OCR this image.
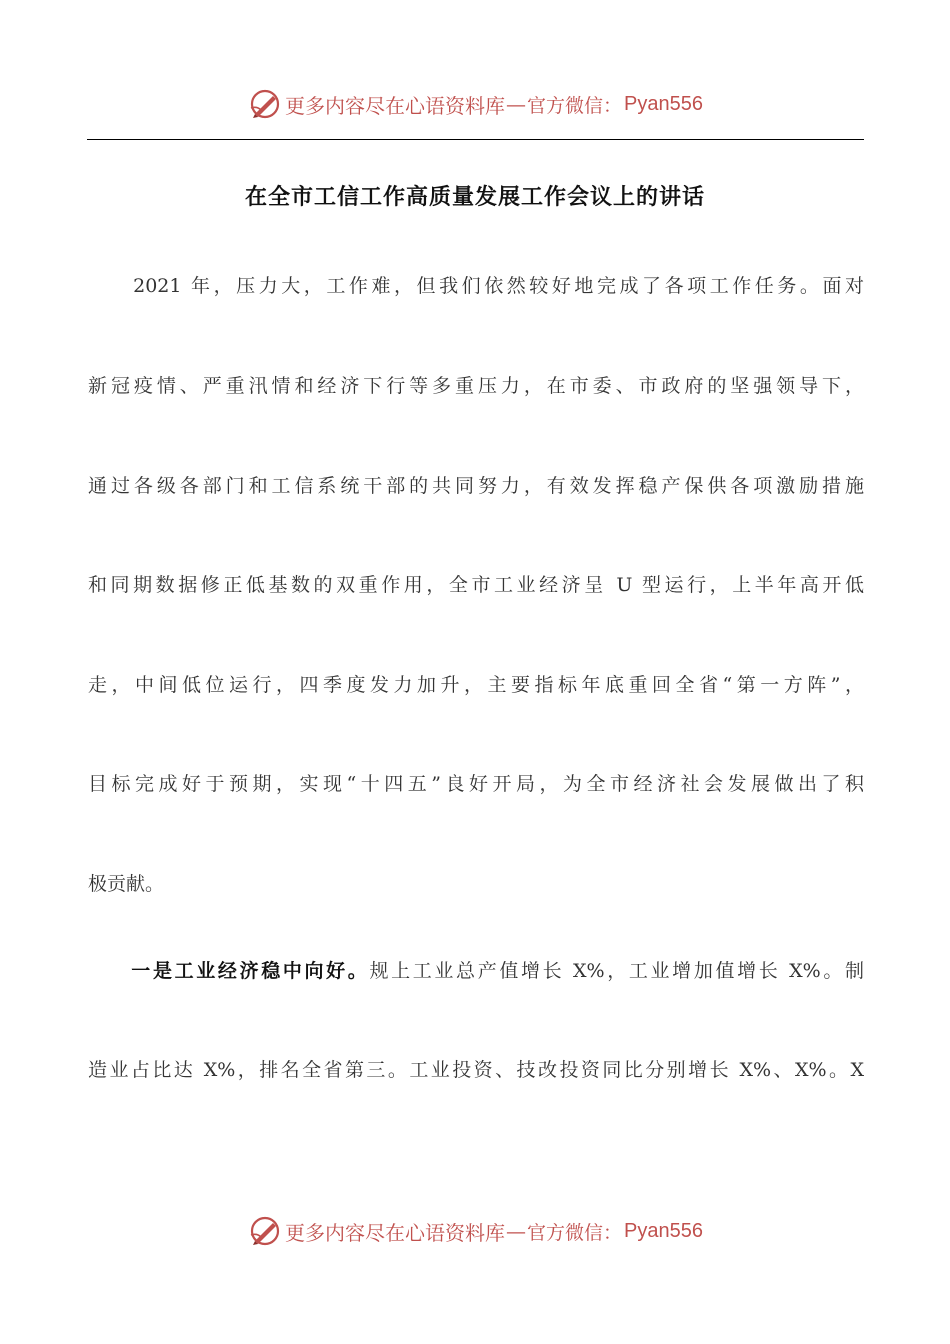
更多内容尽在心语资料库 — 官方微信： Pyan556
在全市工信工作高质量发展工作会议上的讲话
　　2021 年，压力大，工作难，但我们依然较好地完成了各项工作任务。面对
新冠疫情、严重汛情和经济下行等多重压力，在市委、市政府的坚强领导下，
通过各级各部门和工信系统干部的共同努力，有效发挥稳产保供各项激励措施
和同期数据修正低基数的双重作用，全市工业经济呈 U 型运行，上半年高开低
走，中间低位运行，四季度发力加升，主要指标年底重回全省“第一方阵”，
目标完成好于预期，实现“十四五”良好开局，为全市经济社会发展做出了积
极贡献。
　　一是工业经济稳中向好。规上工业总产值增长 X%，工业增加值增长 X%。制
造业占比达 X%，排名全省第三。工业投资、技改投资同比分别增长 X%、X%。X
更多内容尽在心语资料库 — 官方微信： Pyan556
